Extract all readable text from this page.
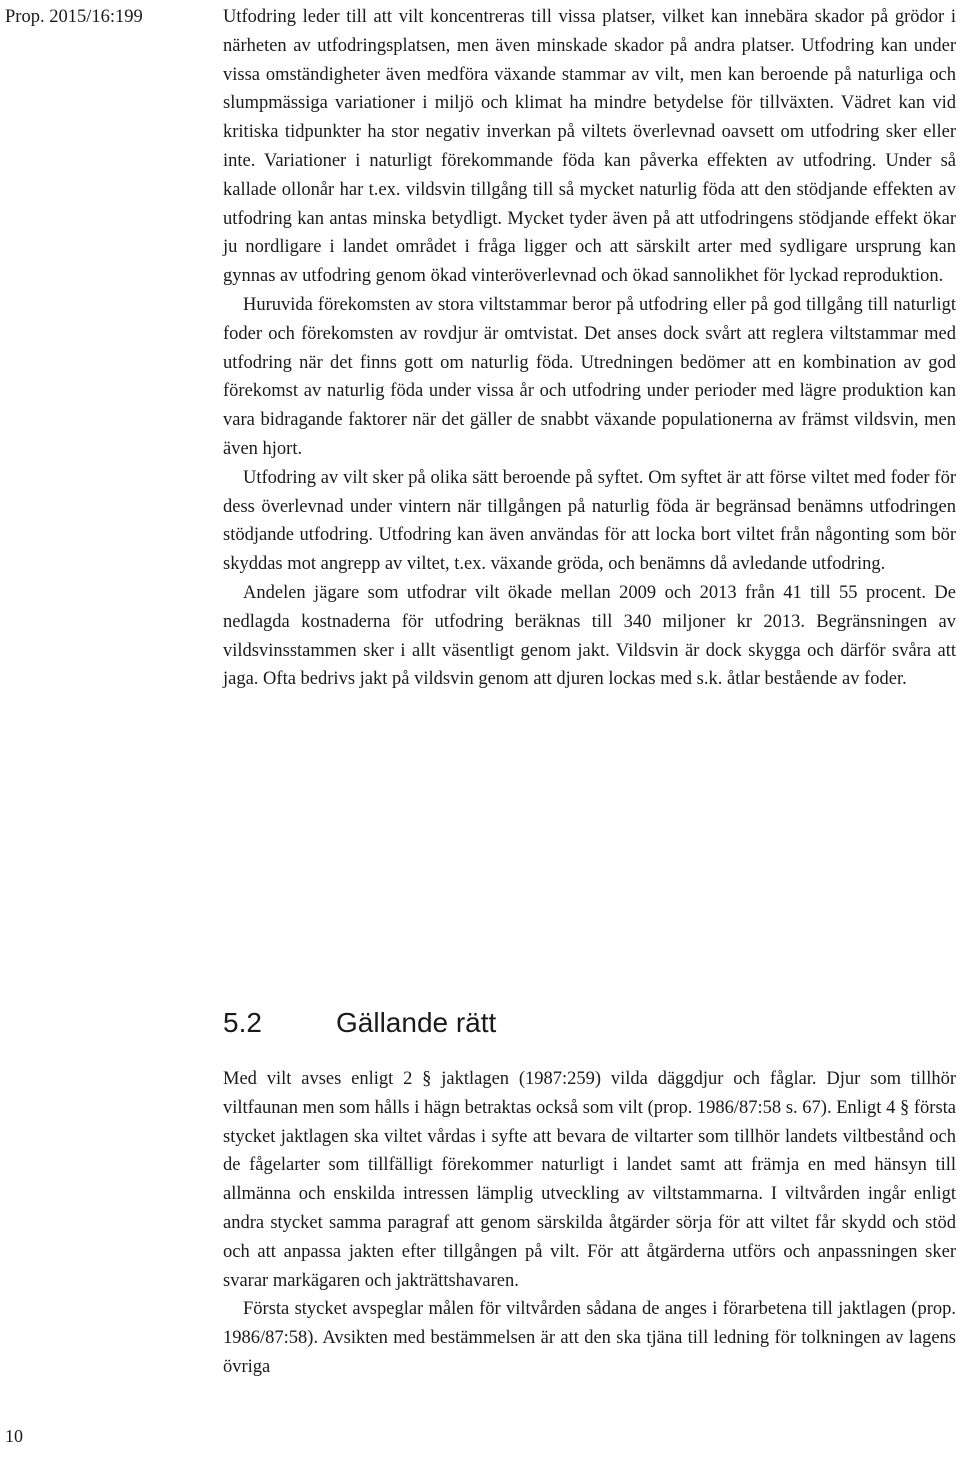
Prop. 2015/16:199	Utfodring leder till att vilt koncentreras till vissa platser, vilket kan innebära skador på grödor i närheten av utfodringsplatsen, men även minskade skador på andra platser. Utfodring kan under vissa omständigheter även medföra växande stammar av vilt, men kan beroende på naturliga och slumpmässiga variationer i miljö och klimat ha mindre betydelse för tillväxten. Vädret kan vid kritiska tidpunkter ha stor negativ inverkan på viltets överlevnad oavsett om utfodring sker eller inte. Variationer i naturligt förekommande föda kan påverka effekten av utfodring. Under så kallade ollonår har t.ex. vildsvin tillgång till så mycket naturlig föda att den stödjande effekten av utfodring kan antas minska betydligt. Mycket tyder även på att utfodringens stödjande effekt ökar ju nordligare i landet området i fråga ligger och att särskilt arter med sydligare ursprung kan gynnas av utfodring genom ökad vinteröverlevnad och ökad sannolikhet för lyckad reproduktion.

Huruvida förekomsten av stora viltstammar beror på utfodring eller på god tillgång till naturligt foder och förekomsten av rovdjur är omtvistat. Det anses dock svårt att reglera viltstammar med utfodring när det finns gott om naturlig föda. Utredningen bedömer att en kombination av god förekomst av naturlig föda under vissa år och utfodring under perioder med lägre produktion kan vara bidragande faktorer när det gäller de snabbt växande populationerna av främst vildsvin, men även hjort.

Utfodring av vilt sker på olika sätt beroende på syftet. Om syftet är att förse viltet med foder för dess överlevnad under vintern när tillgången på naturlig föda är begränsad benämns utfodringen stödjande utfodring. Utfodring kan även användas för att locka bort viltet från någonting som bör skyddas mot angrepp av viltet, t.ex. växande gröda, och benämns då avledande utfodring.

Andelen jägare som utfodrar vilt ökade mellan 2009 och 2013 från 41 till 55 procent. De nedlagda kostnaderna för utfodring beräknas till 340 miljoner kr 2013. Begränsningen av vildsvinsstammen sker i allt väsentligt genom jakt. Vildsvin är dock skygga och därför svåra att jaga. Ofta bedrivs jakt på vildsvin genom att djuren lockas med s.k. åtlar bestående av foder.

5.2	Gällande rätt

Med vilt avses enligt 2 § jaktlagen (1987:259) vilda däggdjur och fåglar. Djur som tillhör viltfaunan men som hålls i hägn betraktas också som vilt (prop. 1986/87:58 s. 67). Enligt 4 § första stycket jaktlagen ska viltet vårdas i syfte att bevara de viltarter som tillhör landets viltbestånd och de fågelarter som tillfälligt förekommer naturligt i landet samt att främja en med hänsyn till allmänna och enskilda intressen lämplig utveckling av viltstammarna. I viltvården ingår enligt andra stycket samma paragraf att genom särskilda åtgärder sörja för att viltet får skydd och stöd och att anpassa jakten efter tillgången på vilt. För att åtgärderna utförs och anpassningen sker svarar markägaren och jakträttshavaren.

Första stycket avspeglar målen för viltvården sådana de anges i förarbetena till jaktlagen (prop. 1986/87:58). Avsikten med bestämmelsen är att den ska tjäna till ledning för tolkningen av lagens övriga

10
